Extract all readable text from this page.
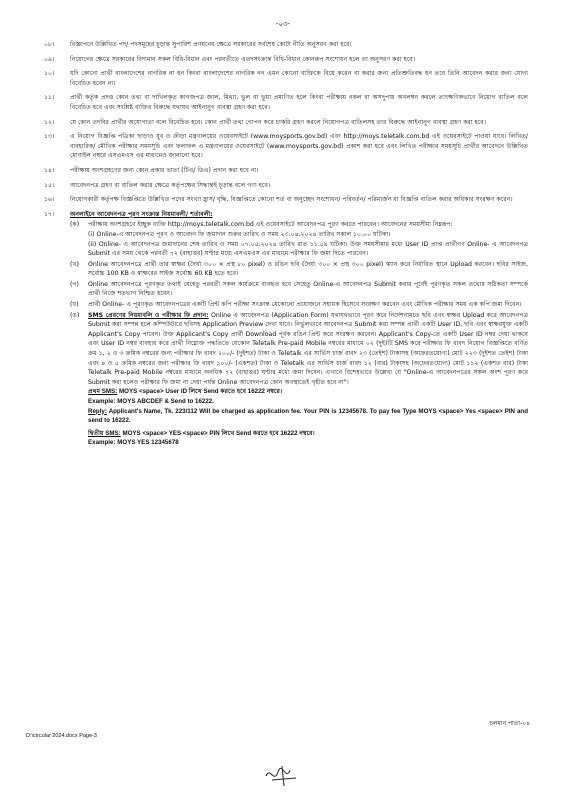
-০৩-
০৮।	বিজ্ঞাপনে উল্লিখিত পদ/ পদসমূহের চূড়ান্ত সুপারিশ প্রণয়নের ক্ষেত্রে সরকারের সর্বশেষ কোটা নীতি অনুসরণ করা হবে।
০৯।	নিয়োগের ক্ষেত্রে সরকারের বিদ্যমান সকল বিধি-বিধান এবং পরবর্তীতে এতদসংক্রান্ত বিধি-বিধান কোনরূপ সংশোধন হলে তা অনুসরণ করা হবে।
১০।	যদি কোনো প্রার্থী বাংলাদেশের নাগরিক না হন কিংবা বাংলাদেশের নাগরিক নন এমন কোনো ব্যক্তিকে বিয়ে করেন বা করার জন্য প্রতিশ্রুতিবদ্ধ হন তবে তিনি আবেদন করার জন্য যোগ্য বিবেচিত হবেন না।
১১।	প্রার্থী কর্তৃক প্রদত্ত কোন তথ্য বা দাখিলকৃত কাগজপত্র জাল, মিথ্যা, ভুল বা ভুয়া প্রমাণিত হলে কিংবা পরীক্ষায় নকল বা অসদুপায় অবলম্বন করলে তাৎক্ষণিকভাবে নিয়োগ বাতিল বলে বিবেচিত হবে এবং সংশ্লিষ্ট ব্যক্তির বিরুদ্ধে যথাযথ আইনানুগ ব্যবস্থা গ্রহণ করা হবে।
১২।	যে কোন তদবির প্রার্থীর অযোগ্যতা বলে বিবেচিত হবে। কোন প্রার্থী তথ্য গোপন করে চাকরি গ্রহণ করলে নিয়োগপত্র বাতিলসহ তার বিরুদ্ধে আইনানুগ ব্যবস্থা গ্রহণ করা হবে।
১৩।	এ নিয়োগ বিজ্ঞপ্তি পত্রিকা ছাড়াও যুব ও ক্রীড়া মন্ত্রণালয়ের ওয়েবসাইটে (www.moysports.gov.bd) এবং http://moys.teletalk.com.bd এই ওয়েবসাইটে পাওয়া যাবে। লিখিত/ ব্যবহারিক/ মৌখিক পরীক্ষার সময়সূচি এবং ফলাফল এ মন্ত্রণালয়ের ওয়েবসাইটে (www.moysports.gov.bd) প্রকাশ করা হবে এবং লিখিত পরীক্ষার সময়সূচি প্রার্থীর আবেদনে উল্লিখিত মোবাইল নম্বরে এসএমএস এর মাধ্যমেও জানানো হবে।
১৪।	পরীক্ষায় অংশগ্রহণের জন্য কোন প্রকার ভাতা (টিএ/ ডিএ) প্রদান করা হবে না।
১৫।	আবেদনপত্র গ্রহণ বা বাতিল করার ক্ষেত্রে কর্তৃপক্ষের সিদ্ধান্তই চূড়ান্ত বলে গণ্য হবে।
১৬।	নিয়োগকারী কর্তৃপক্ষ বিজ্ঞপ্তিতে উল্লিখিত পদের সংখ্যা হ্রাস/ বৃদ্ধি, বিজ্ঞপ্তিতে কোনো শর্ত বা অনুচ্ছেদ সংশোধন/ পরিবর্তন/ পরিমার্জন বা বিজ্ঞপ্তি বাতিল করার অধিকার সংরক্ষণ করেন।
১৭।	অনলাইনে আবেদনপত্র পূরণ সংক্রান্ত নিয়মাবলী/ শর্তাবলী:
(ক)	পরীক্ষায় অংশগ্রহণে ইচ্ছুক ব্যক্তি http://moys.teletalk.com.bd এই ওয়েবসাইটে আবেদনপত্র পূরণ করতে পারবেন। আবেদনের সময়সীমা নিম্নরূপ:
(i) Online-এ আবেদনপত্র পূরণ ও আবেদন ফি জমাদান শুরুর তারিখ ও সময় ২৩.০৪.২০২৪ তারিখ সকাল ১০.০০ ঘটিকা।
(ii) Online- এ আবেদনপত্র জমাদানের শেষ তারিখ ও সময় ০৭.০৫.২০২৪ তারিখ রাত ১১.৫৯ ঘটিকা। উক্ত সময়সীমার মধ্যে User ID প্রাপ্ত প্রার্থীগণ Online- এ আবেদনপত্র Submit এর সময় থেকে পরবর্তী ৭২ (বাহাত্তর) ঘণ্টার মধ্যে এসএমএস এর মাধ্যমে পরীক্ষার ফি জমা দিতে পারবেন।
(খ)	Online আবেদনপত্রে প্রার্থী তার স্বাক্ষর (দৈর্ঘ্য ৩০০ × প্রস্থ ৮০ pixel) ও রঙিন ছবি (দৈর্ঘ্য ৩০০ × প্রস্থ ৩০০ pixel) স্ক্যান করে নির্ধারিত স্থানে Upload করবেন। ছবির সাইজ, সর্বোচ্চ 100 KB ও স্বাক্ষরের সাইজ সর্বোচ্চ 60 KB হতে হবে।
(গ)	Online আবেদনপত্রে পূরণকৃত তথ্যই যেহেতু পরবর্তী সকল কার্যক্রমে ব্যবহৃত হবে সেহেতু Online-এ আবেদনপত্র Submit করার পূর্বেই পূরণকৃত সকল তথ্যের সঠিকতা সম্পর্কে প্রার্থী নিজে শতভাগ নিশ্চিত হবেন।
(ঘ)	প্রার্থী Online- এ পূরণকৃত আবেদনপত্রের একটি প্রিন্ট কপি পরীক্ষা সংক্রান্ত যেকোনো প্রয়োজনে সহায়ক হিসেবে সংরক্ষণ করবেন এবং মৌখিক পরীক্ষার সময় এক কপি জমা দিবেন।
(ঙ)	SMS প্রেরণের নিয়মাবলি ও পরীক্ষার ফি প্রদান: Online এ আবেদনপত্র (Application Form) যথাযথভাবে পূরণ করে নির্দেশনামতে ছবি এবং স্বাক্ষর Upload করে আবেদনপত্র Submit করা সম্পন্ন হলে কম্পিউটারে ছবিসহ Application Preview দেখা যাবে। নির্ভুলভাবে আবেদনপত্র Submit করা সম্পন্ন প্রার্থী একটি User ID, ছবি এবং স্বাক্ষরযুক্ত একটি Applicant's Copy পাবেন। উক্ত Applicant's Copy প্রার্থী Download পূর্বক রঙিন প্রিন্ট করে সংরক্ষণ করবেন। Applicant's Copy-তে একটি User ID নম্বর দেয়া থাকবে এবং User ID নম্বর ব্যবহার করে প্রার্থী নিম্নোক্ত পদ্ধতিতে যেকোন Teletalk Pre-paid Mobile নম্বরের মাধ্যমে ০২ (দুই)টি SMS করে পরীক্ষার ফি বাবদ নিয়োগ বিজ্ঞপ্তিতে বর্ণিত ক্রম ১, ২ ও ৩ ক্রমিক নম্বরের জন্য পরীক্ষার ফি বাবদ ২০০/- (দুইশত) টাকা ও Teletalk এর সার্ভিস চার্জ বাবদ ২৩ (তেইশ) টাকাসহ (অফেরতযোগ্য) মোট ২২৩ (দুইশত তেইশ) টাকা এবং ৪ ও ৫ ক্রমিক নম্বরের জন্য পরীক্ষার ফি বাবদ ১০০/- (একশত) টাকা ও Teletalk এর সার্ভিস চার্জ বাবদ ১২ (বার) টাকাসহ (অফেরতযোগ্য) মোট ১১২ (একশত বার) টাকা Teletalk Pre-paid Mobile নম্বরের মাধ্যমে অনধিক ৭২ (বাহাত্তর) ঘণ্টার মধ্যে জমা দিবেন। এখানে বিশেষভাবে উল্লেখ্য যে "Online-এ আবেদনপত্রের সকল অংশ পূরণ করে Submit করা হলেও পরীক্ষার ফি জমা না দেয়া পর্যন্ত Online আবেদনপত্র কোন অবস্থাতেই গৃহীত হবে না"।
প্রথম SMS: MOYS <space> User ID লিখে Send করতে হবে 16222 নম্বরে।
Example: MOYS ABCDEF & Send to 16222.
Reply: Applicant's Name, Tk. 223/112 Will be charged as application fee. Your PIN is 12345678. To pay fee Type MOYS <space> Yes <space> PIN and send to 16222.
দ্বিতীয় SMS: MOYS <space> YES <space> PIN লিখে Send করতে হবে 16222 নম্বরে।
Example: MOYS YES 12345678
চলমান পাতা-০৪
D:\circular 2024.docx Page-3
